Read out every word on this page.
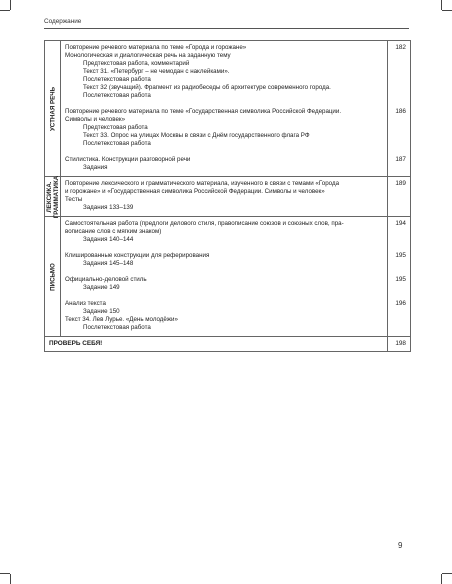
Содержание
УСТНАЯ РЕЧЬ
Повторение речевого материала по теме «Города и горожане»
Монологическая и диалогическая речь на заданную тему
Предтекстовая работа, комментарий
Текст 31. «Петербург – не чемодан с наклейками».
Послетекстовая работа
Текст 32 (звучащий). Фрагмент из радиобеседы об архитектуре современного города.
Послетекстовая работа
Повторение речевого материала по теме «Государственная символика Российской Федерации.
Символы и человек»
Предтекстовая работа
Текст 33. Опрос на улицах Москвы в связи с Днём государственного флага РФ
Послетекстовая работа
Стилистика. Конструкции разговорной речи
Задания
182
186
187
ЛЕКСИКА. ГРАММАТИКА Повторение лексического и грамматического материала, изученного в связи с темами «Города
и горожане» и «Государственная символика Российской Федерации. Символы и человек»
Тесты
Задания 133–139
189
ПИСЬМО
Самостоятельная работа (предлоги делового стиля, правописание союзов и союзных слов, пра-
вописание слов с мягким знаком)
Задания 140–144
Клишированные конструкции для реферирования
Задания 145–148
Официально-деловой стиль
Задание 149
Анализ текста
Задание 150
Текст 34. Лев Лурье. «День молодёжи»
Послетекстовая работа
194
195
195
196
ПРОВЕРЬ СЕБЯ!	198
9
